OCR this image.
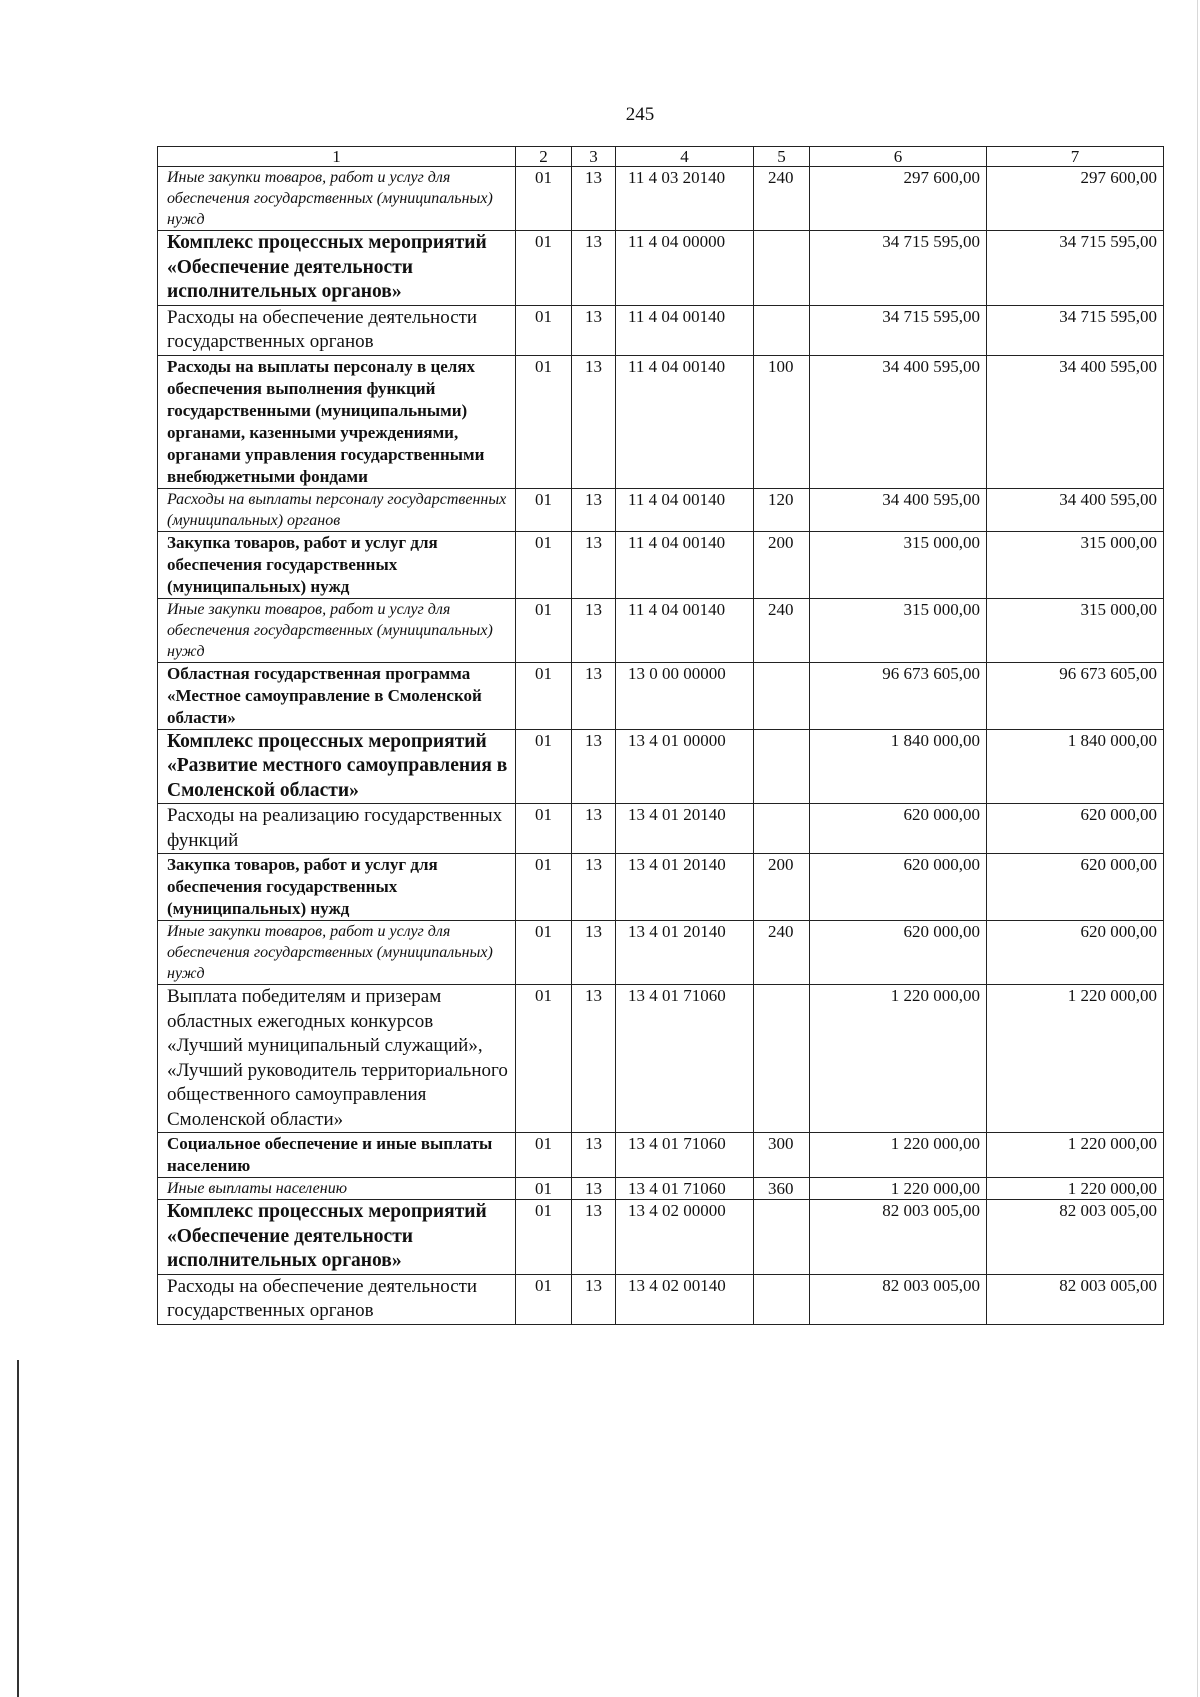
245
1	2	3	4	5	6	7
Иные закупки товаров, работ и услуг для обеспечения государственных (муниципальных) нужд	01	13	11 4 03 20140	240	297 600,00	297 600,00
Комплекс процессных мероприятий «Обеспечение деятельности исполнительных органов»	01	13	11 4 04 00000		34 715 595,00	34 715 595,00
Расходы на обеспечение деятельности государственных органов	01	13	11 4 04 00140		34 715 595,00	34 715 595,00
Расходы на выплаты персоналу в целях обеспечения выполнения функций государственными (муниципальными) органами, казенными учреждениями, органами управления государственными внебюджетными фондами	01	13	11 4 04 00140	100	34 400 595,00	34 400 595,00
Расходы на выплаты персоналу государственных (муниципальных) органов	01	13	11 4 04 00140	120	34 400 595,00	34 400 595,00
Закупка товаров, работ и услуг для обеспечения государственных (муниципальных) нужд	01	13	11 4 04 00140	200	315 000,00	315 000,00
Иные закупки товаров, работ и услуг для обеспечения государственных (муниципальных) нужд	01	13	11 4 04 00140	240	315 000,00	315 000,00
Областная государственная программа «Местное самоуправление в Смоленской области»	01	13	13 0 00 00000		96 673 605,00	96 673 605,00
Комплекс процессных мероприятий «Развитие местного самоуправления в Смоленской области»	01	13	13 4 01 00000		1 840 000,00	1 840 000,00
Расходы на реализацию государственных функций	01	13	13 4 01 20140		620 000,00	620 000,00
Закупка товаров, работ и услуг для обеспечения государственных (муниципальных) нужд	01	13	13 4 01 20140	200	620 000,00	620 000,00
Иные закупки товаров, работ и услуг для обеспечения государственных (муниципальных) нужд	01	13	13 4 01 20140	240	620 000,00	620 000,00
Выплата победителям и призерам областных ежегодных конкурсов «Лучший муниципальный служащий», «Лучший руководитель территориального общественного самоуправления Смоленской области»	01	13	13 4 01 71060		1 220 000,00	1 220 000,00
Социальное обеспечение и иные выплаты населению	01	13	13 4 01 71060	300	1 220 000,00	1 220 000,00
Иные выплаты населению	01	13	13 4 01 71060	360	1 220 000,00	1 220 000,00
Комплекс процессных мероприятий «Обеспечение деятельности исполнительных органов»	01	13	13 4 02 00000		82 003 005,00	82 003 005,00
Расходы на обеспечение деятельности государственных органов	01	13	13 4 02 00140		82 003 005,00	82 003 005,00
